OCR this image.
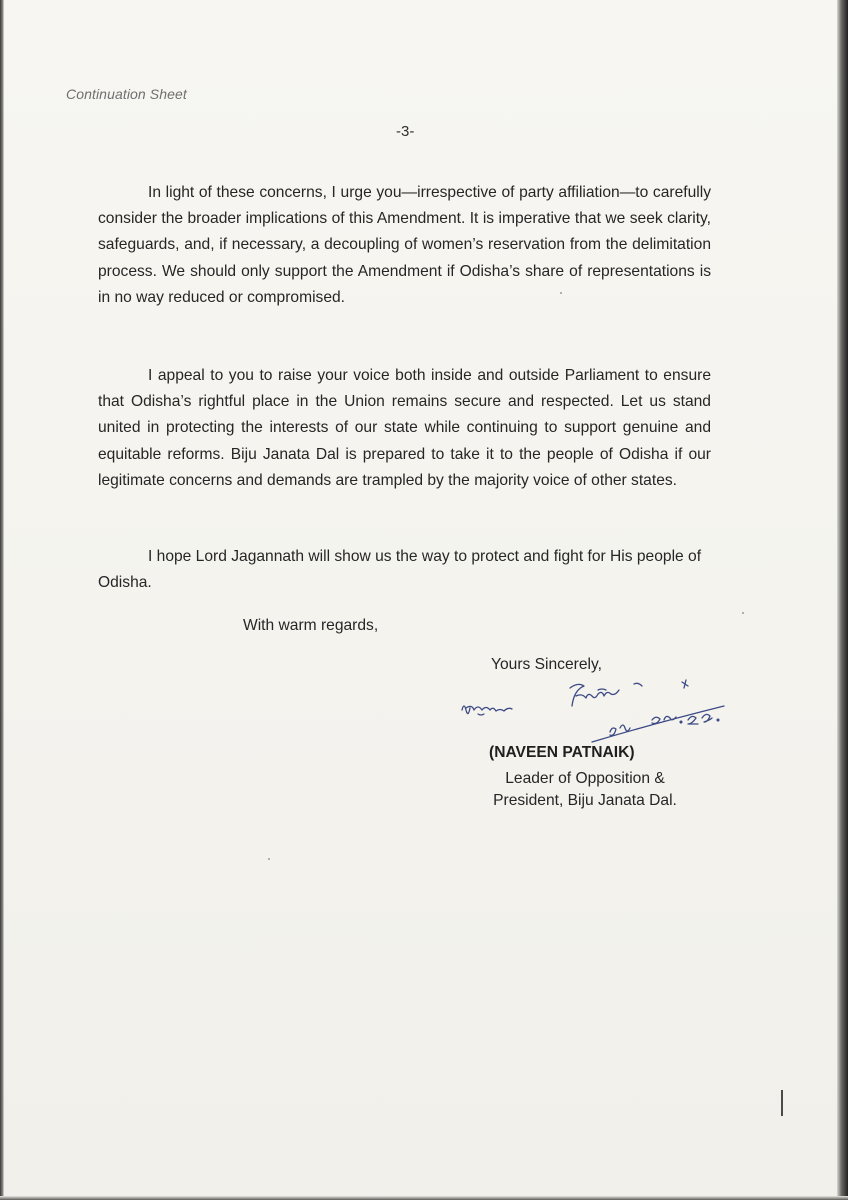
Continuation Sheet
-3-

In light of these concerns, I urge you—irrespective of party affiliation—to carefully consider the broader implications of this Amendment. It is imperative that we seek clarity, safeguards, and, if necessary, a decoupling of women’s reservation from the delimitation process. We should only support the Amendment if Odisha’s share of representations is in no way reduced or compromised.

I appeal to you to raise your voice both inside and outside Parliament to ensure that Odisha’s rightful place in the Union remains secure and respected. Let us stand united in protecting the interests of our state while continuing to support genuine and equitable reforms. Biju Janata Dal is prepared to take it to the people of Odisha if our legitimate concerns and demands are trampled by the majority voice of other states.

I hope Lord Jagannath will show us the way to protect and fight for His people of Odisha.

With warm regards,
Yours Sincerely,
(NAVEEN PATNAIK)
Leader of Opposition &
President, Biju Janata Dal.
